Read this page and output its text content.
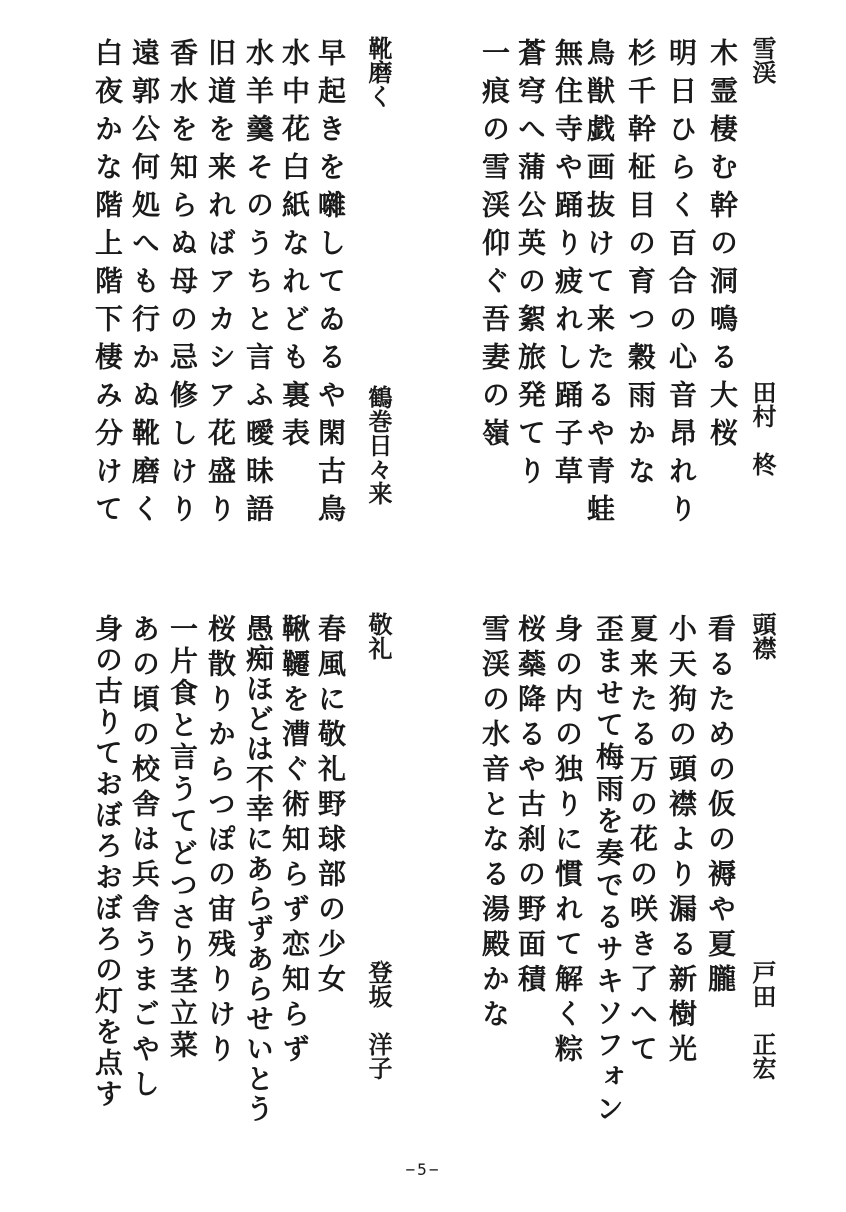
雪渓
田村　柊
木霊棲む幹の洞鳴る大桜
明日ひらく百合の心音昂れり
杉千幹柾目の育つ穀雨かな
鳥獣戯画抜けて来たるや青蛙
無住寺や踊り疲れし踊子草
蒼穹へ蒲公英の絮旅発てり
一痕の雪渓仰ぐ吾妻の嶺
靴磨く
鶴巻日々来
早起きを囃してゐるや閑古鳥
水中花白紙なれども裏表
水羊羹そのうちと言ふ曖昧語
旧道を来ればアカシア花盛り
香水を知らぬ母の忌修しけり
遠郭公何処へも行かぬ靴磨く
白夜かな階上階下棲み分けて
頭襟
戸田　正宏
看るための仮の褥や夏朧
小天狗の頭襟より漏る新樹光
夏来たる万の花の咲き了へて
歪ませて梅雨を奏でるサキソフォン
身の内の独りに慣れて解く粽
桜蘂降るや古刹の野面積
雪渓の水音となる湯殿かな
敬礼
登坂　洋子
春風に敬礼野球部の少女
鞦韆を漕ぐ術知らず恋知らず
愚痴ほどは不幸にあらずあらせいとう
桜散りからつぽの宙残りけり
一片食と言うてどつさり茎立菜
あの頃の校舎は兵舎うまごやし
身の古りておぼろおぼろの灯を点す
−5−
